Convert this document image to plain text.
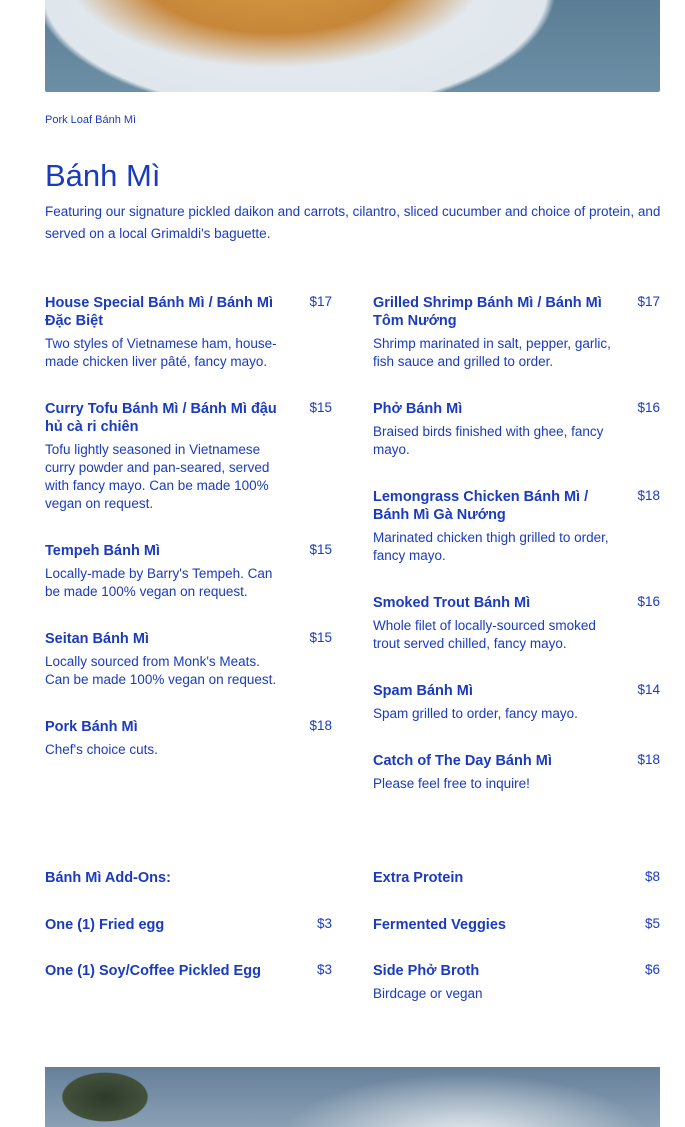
Pork Loaf Bánh Mì
Bánh Mì

Featuring our signature pickled daikon and carrots, cilantro, sliced cucumber and choice of protein, and served on a local Grimaldi's baguette.

House Special Bánh Mì / Bánh Mì Đặc Biệt
$17
Two styles of Vietnamese ham, house-made chicken liver pâté, fancy mayo.
Curry Tofu Bánh Mì / Bánh Mì đậu hủ cà ri chiên
$15
Tofu lightly seasoned in Vietnamese curry powder and pan-seared, served with fancy mayo. Can be made 100% vegan on request.
Tempeh Bánh Mì	$15
Locally-made by Barry's Tempeh. Can be made 100% vegan on request.
Seitan Bánh Mì	$15
Locally sourced from Monk's Meats. Can be made 100% vegan on request.
Pork Bánh Mì	$18
Chef's choice cuts.
Grilled Shrimp Bánh Mì / Bánh Mì Tôm Nướng
$17
Shrimp marinated in salt, pepper, garlic, fish sauce and grilled to order.
Phở Bánh Mì	$16
Braised birds finished with ghee, fancy mayo.
Lemongrass Chicken Bánh Mì / Bánh Mì Gà Nướng
$18
Marinated chicken thigh grilled to order, fancy mayo.
Smoked Trout Bánh Mì	$16
Whole filet of locally-sourced smoked trout served chilled, fancy mayo.
Spam Bánh Mì	$14
Spam grilled to order, fancy mayo.
Catch of The Day Bánh Mì	$18
Please feel free to inquire!
Bánh Mì Add-Ons:
One (1) Fried egg	$3
One (1) Soy/Coffee Pickled Egg	$3
Extra Protein	$8
Fermented Veggies	$5
Side Phở Broth	$6
Birdcage or vegan
